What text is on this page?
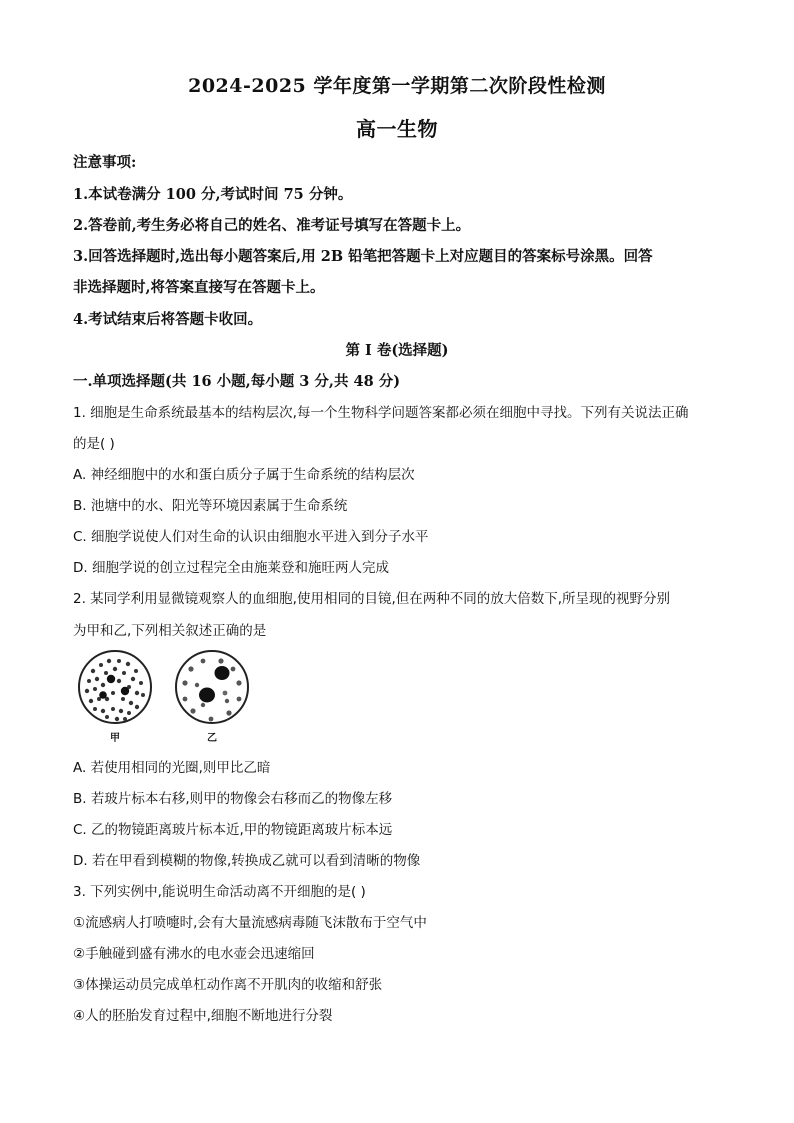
2024-2025 学年度第一学期第二次阶段性检测
高一生物
注意事项:
1.本试卷满分 100 分,考试时间 75 分钟。
2.答卷前,考生务必将自己的姓名、准考证号填写在答题卡上。
3.回答选择题时,选出每小题答案后,用 2B 铅笔把答题卡上对应题目的答案标号涂黑。回答
非选择题时,将答案直接写在答题卡上。
4.考试结束后将答题卡收回。
第 I 卷(选择题)
一.单项选择题(共 16 小题,每小题 3 分,共 48 分)
1. 细胞是生命系统最基本的结构层次,每一个生物科学问题答案都必须在细胞中寻找。下列有关说法正确
的是( )
A. 神经细胞中的水和蛋白质分子属于生命系统的结构层次
B. 池塘中的水、阳光等环境因素属于生命系统
C. 细胞学说使人们对生命的认识由细胞水平进入到分子水平
D. 细胞学说的创立过程完全由施莱登和施旺两人完成
2. 某同学利用显微镜观察人的血细胞,使用相同的目镜,但在两种不同的放大倍数下,所呈现的视野分别
为甲和乙,下列相关叙述正确的是
甲	乙
A. 若使用相同的光圈,则甲比乙暗
B. 若玻片标本右移,则甲的物像会右移而乙的物像左移
C. 乙的物镜距离玻片标本近,甲的物镜距离玻片标本远
D. 若在甲看到模糊的物像,转换成乙就可以看到清晰的物像
3. 下列实例中,能说明生命活动离不开细胞的是( )
①流感病人打喷嚏时,会有大量流感病毒随飞沫散布于空气中
②手触碰到盛有沸水的电水壶会迅速缩回
③体操运动员完成单杠动作离不开肌肉的收缩和舒张
④人的胚胎发育过程中,细胞不断地进行分裂
